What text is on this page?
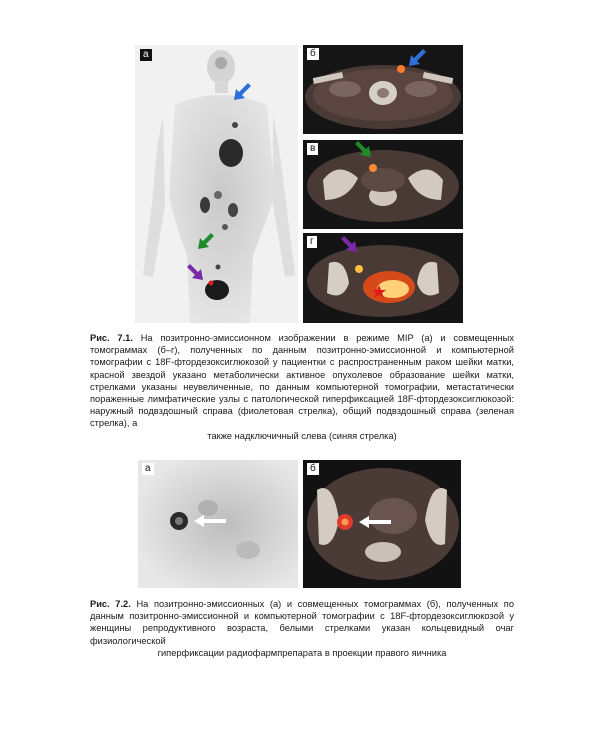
а	б
в
г
Рис. 7.1. На позитронно-эмиссионном изображении в режиме MIP (а) и совмещенных томограммах (б–г), полученных по данным позитронно-эмиссионной и компьютерной томографии с 18F-фтордезоксиглюкозой у пациентки с распространенным раком шейки матки, красной звездой указано метаболически активное опухолевое образование шейки матки, стрелками указаны неувеличенные, по данным компьютерной томографии, метастатически пораженные лимфатические узлы с патологической гиперфиксацией 18F-фтордезоксиглюкозой: наружный подвздошный справа (фиолетовая стрелка), общий подвздошный справа (зеленая стрелка), а
также надключичный слева (синяя стрелка)
а	б
Рис. 7.2. На позитронно-эмиссионных (а) и совмещенных томограммах (б), полученных по данным позитронно-эмиссионной и компьютерной томографии с 18F-фтордезоксиглюкозой у женщины репродуктивного возраста, белыми стрелками указан кольцевидный очаг физиологической
гиперфиксации радиофармпрепарата в проекции правого яичника
